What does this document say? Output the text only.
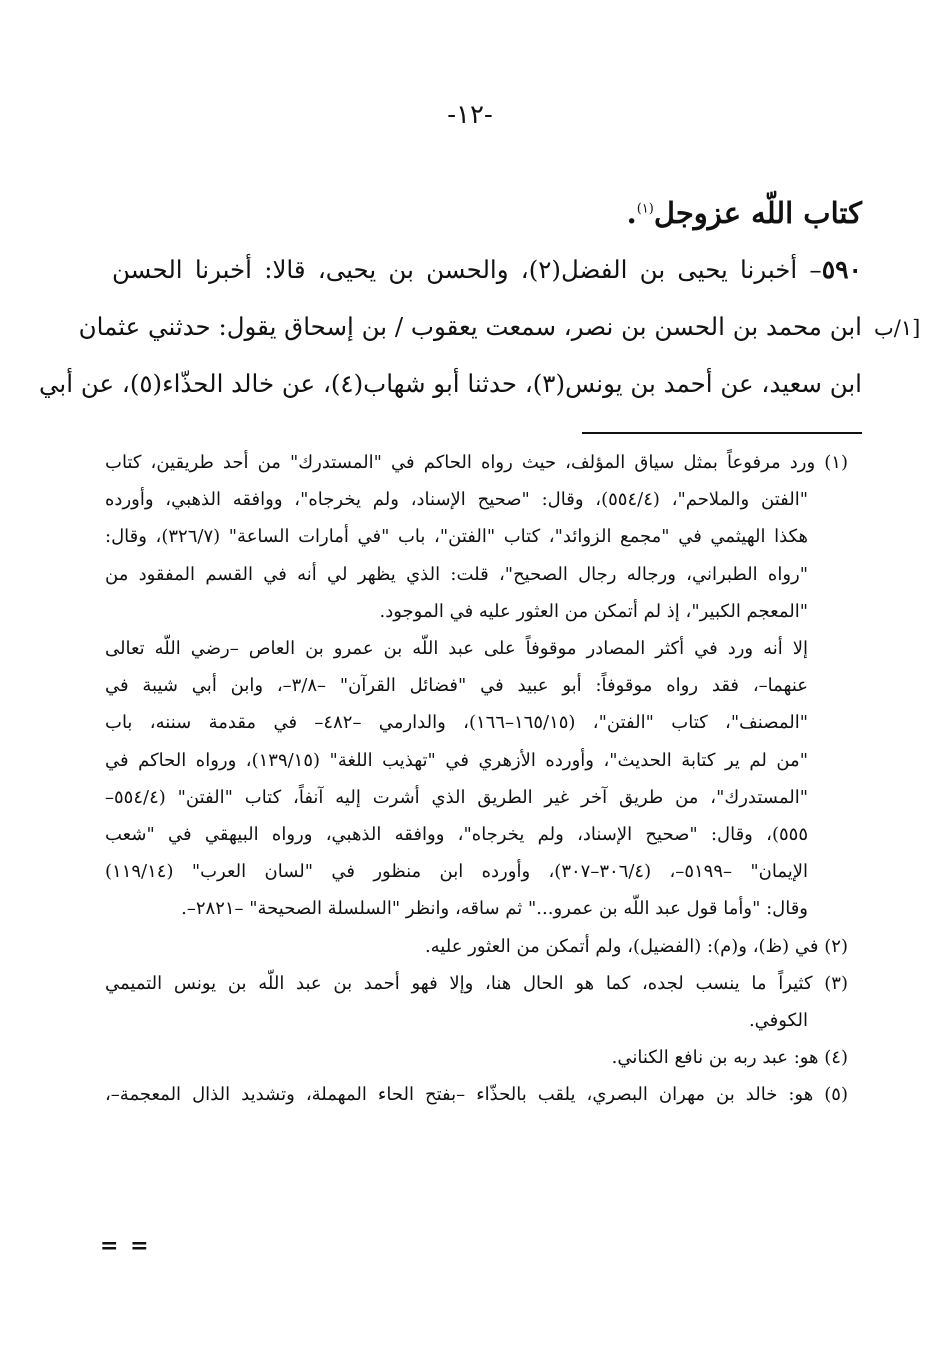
-١٢-
١/ب]

كتاب اللّه عزوجل$^{(١)}$.

٥٩٠– أخبرنا يحيى بن الفضل(٢)، والحسن بن يحيى، قالا: أخبرنا الحسن

ابن محمد بن الحسن بن نصر، سمعت يعقوب / بن إسحاق يقول: حدثني عثمان

ابن سعيد، عن أحمد بن يونس(٣)، حدثنا أبو شهاب(٤)، عن خالد الحذّاء(٥)، عن أبي

(١) ورد مرفوعاً بمثل سياق المؤلف، حيث رواه الحاكم في "المستدرك" من أحد طريقين، كتاب

"الفتن والملاحم"، (٥٥٤/٤)، وقال: "صحيح الإسناد، ولم يخرجاه"، ووافقه الذهبي، وأورده

هكذا الهيثمي في "مجمع الزوائد"، كتاب "الفتن"، باب "في أمارات الساعة" (٣٢٦/٧)، وقال:

"رواه الطبراني، ورجاله رجال الصحيح"، قلت: الذي يظهر لي أنه في القسم المفقود من

"المعجم الكبير"، إذ لم أتمكن من العثور عليه في الموجود.

إلا أنه ورد في أكثر المصادر موقوفاً على عبد اللّه بن عمرو بن العاص –رضي اللّه تعالى

عنهما–، فقد رواه موقوفاً: أبو عبيد في "فضائل القرآن" –٣/٨–، وابن أبي شيبة في

"المصنف"، كتاب "الفتن"، (١٦٥/١٥–١٦٦)، والدارمي –٤٨٢– في مقدمة سننه، باب

"من لم ير كتابة الحديث"، وأورده الأزهري في "تهذيب اللغة" (١٣٩/١٥)، ورواه الحاكم في

"المستدرك"، من طريق آخر غير الطريق الذي أشرت إليه آنفاً، كتاب "الفتن" (٥٥٤/٤–

٥٥٥)، وقال: "صحيح الإسناد، ولم يخرجاه"، ووافقه الذهبي، ورواه البيهقي في "شعب

الإيمان" –٥١٩٩–، (٣٠٦/٤–٣٠٧)، وأورده ابن منظور في "لسان العرب" (١١٩/١٤)

وقال: "وأما قول عبد اللّه بن عمرو..." ثم ساقه، وانظر "السلسلة الصحيحة" –٢٨٢١–.

(٢) في (ظ)، و(م): (الفضيل)، ولم أتمكن من العثور عليه.

(٣) كثيراً ما ينسب لجده، كما هو الحال هنا، وإلا فهو أحمد بن عبد اللّه بن يونس التميمي

الكوفي.

(٤) هو: عبد ربه بن نافع الكناني.

(٥) هو: خالد بن مهران البصري، يلقب بالحذّاء –بفتح الحاء المهملة، وتشديد الذال المعجمة–،

= =
